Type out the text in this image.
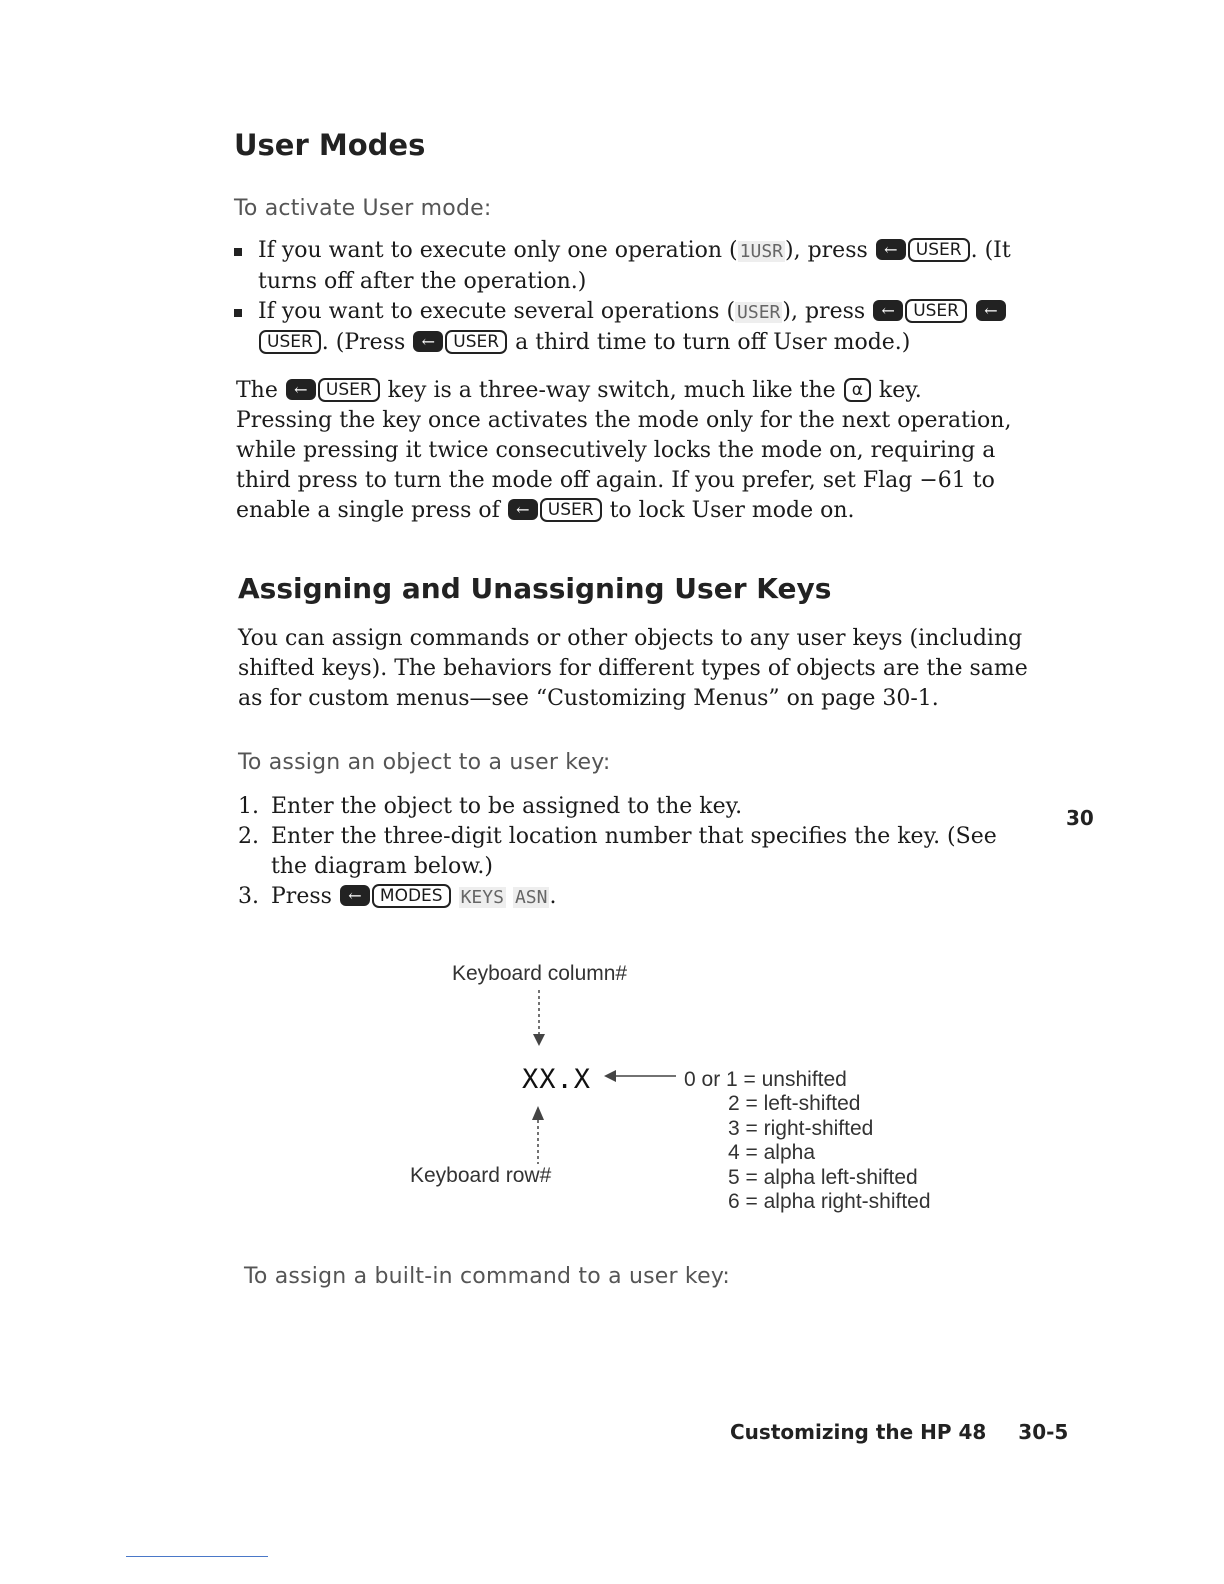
User Modes
To activate User mode:
If you want to execute only one operation ( 1USR), press ← USER . (It turns off after the operation.)
If you want to execute several operations ( USER), press ← USER ←USER . (Press ← USER a third time to turn off User mode.)

The ← USER key is a three-way switch, much like the α key. Pressing the key once activates the mode only for the next operation, while pressing it twice consecutively locks the mode on, requiring a third press to turn the mode off again. If you prefer, set Flag −61 to enable a single press of ← USER to lock User mode on.

Assigning and Unassigning User Keys

You can assign commands or other objects to any user keys (including shifted keys). The behaviors for different types of objects are the same as for custom menus—see “Customizing Menus” on page 30-1.

To assign an object to a user key:
1. Enter the object to be assigned to the key.
2. Enter the three-digit location number that specifies the key. (See the diagram below.)
3. Press ← MODES KEYS ASN.
30
Keyboard column#
XX.X
Keyboard row#
0 or 1 = unshifted
2 = left-shifted
3 = right-shifted
4 = alpha
5 = alpha left-shifted
6 = alpha right-shifted
To assign a built-in command to a user key:
Customizing the HP 48 30-5
